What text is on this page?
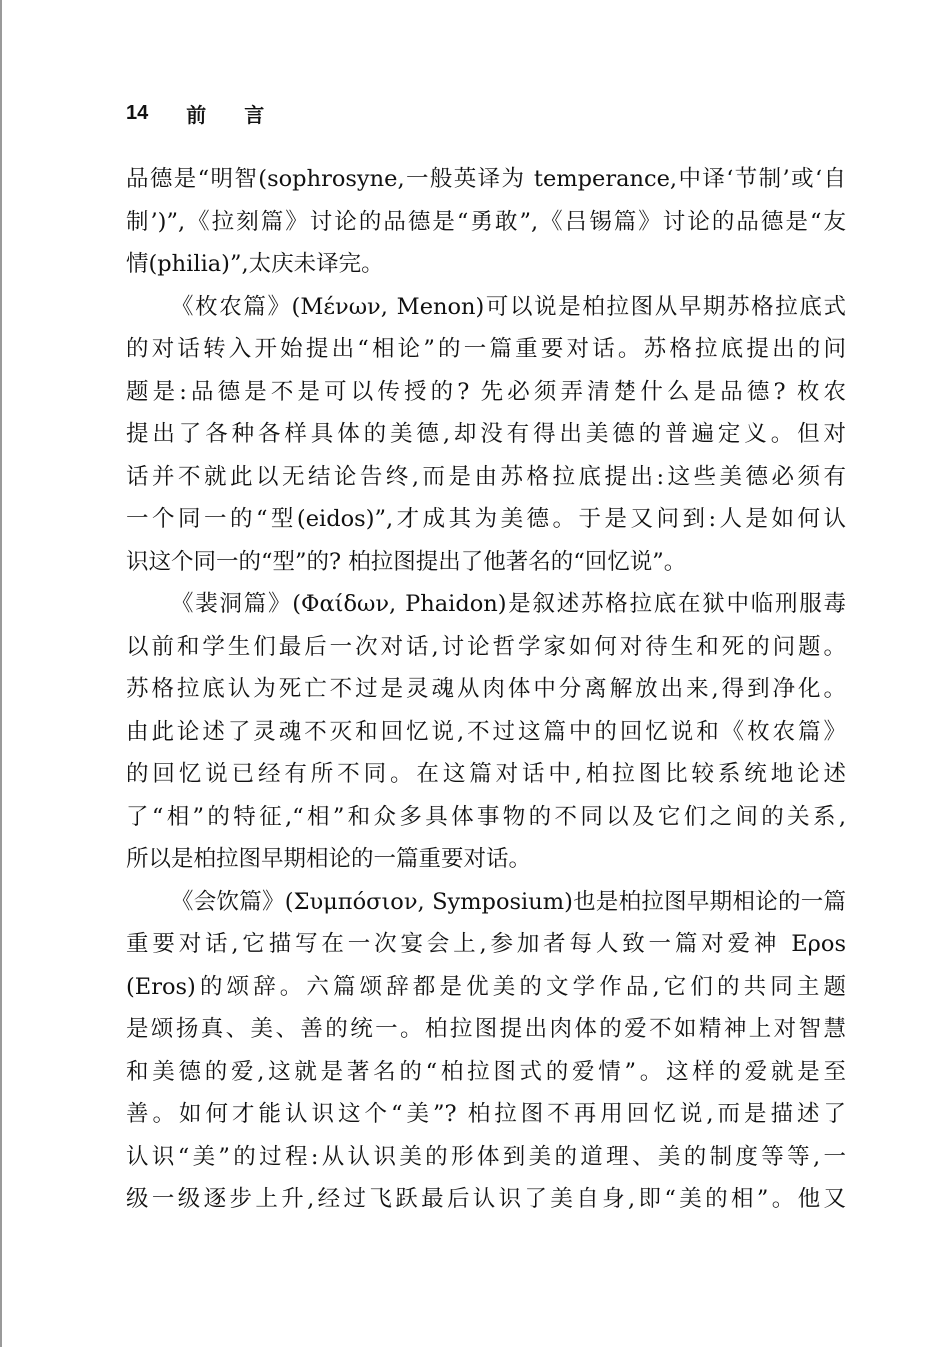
14 前 言
品德是“明智(sophrosyne,一般英译为 temperance,中译‘节制’或‘自
制’)”,《拉刻篇》讨论的品德是“勇敢”,《吕锡篇》讨论的品德是“友
情(philia)”,太庆未译完。
《枚农篇》(Μένων, Menon)可以说是柏拉图从早期苏格拉底式
的对话转入开始提出“相论”的一篇重要对话。苏格拉底提出的问
题是:品德是不是可以传授的? 先必须弄清楚什么是品德? 枚农
提出了各种各样具体的美德,却没有得出美德的普遍定义。但对
话并不就此以无结论告终,而是由苏格拉底提出:这些美德必须有
一个同一的“型(eidos)”,才成其为美德。于是又问到:人是如何认
识这个同一的“型”的? 柏拉图提出了他著名的“回忆说”。
《裴洞篇》(Φαίδων, Phaidon)是叙述苏格拉底在狱中临刑服毒
以前和学生们最后一次对话,讨论哲学家如何对待生和死的问题。
苏格拉底认为死亡不过是灵魂从肉体中分离解放出来,得到净化。
由此论述了灵魂不灭和回忆说,不过这篇中的回忆说和《枚农篇》
的回忆说已经有所不同。在这篇对话中,柏拉图比较系统地论述
了“相”的特征,“相”和众多具体事物的不同以及它们之间的关系,
所以是柏拉图早期相论的一篇重要对话。
《会饮篇》(Συμπόσιον, Symposium)也是柏拉图早期相论的一篇
重要对话,它描写在一次宴会上,参加者每人致一篇对爱神 Ερos
(Eros)的颂辞。六篇颂辞都是优美的文学作品,它们的共同主题
是颂扬真、美、善的统一。柏拉图提出肉体的爱不如精神上对智慧
和美德的爱,这就是著名的“柏拉图式的爱情”。这样的爱就是至
善。如何才能认识这个“美”? 柏拉图不再用回忆说,而是描述了
认识“美”的过程:从认识美的形体到美的道理、美的制度等等,一
级一级逐步上升,经过飞跃最后认识了美自身,即“美的相”。他又
